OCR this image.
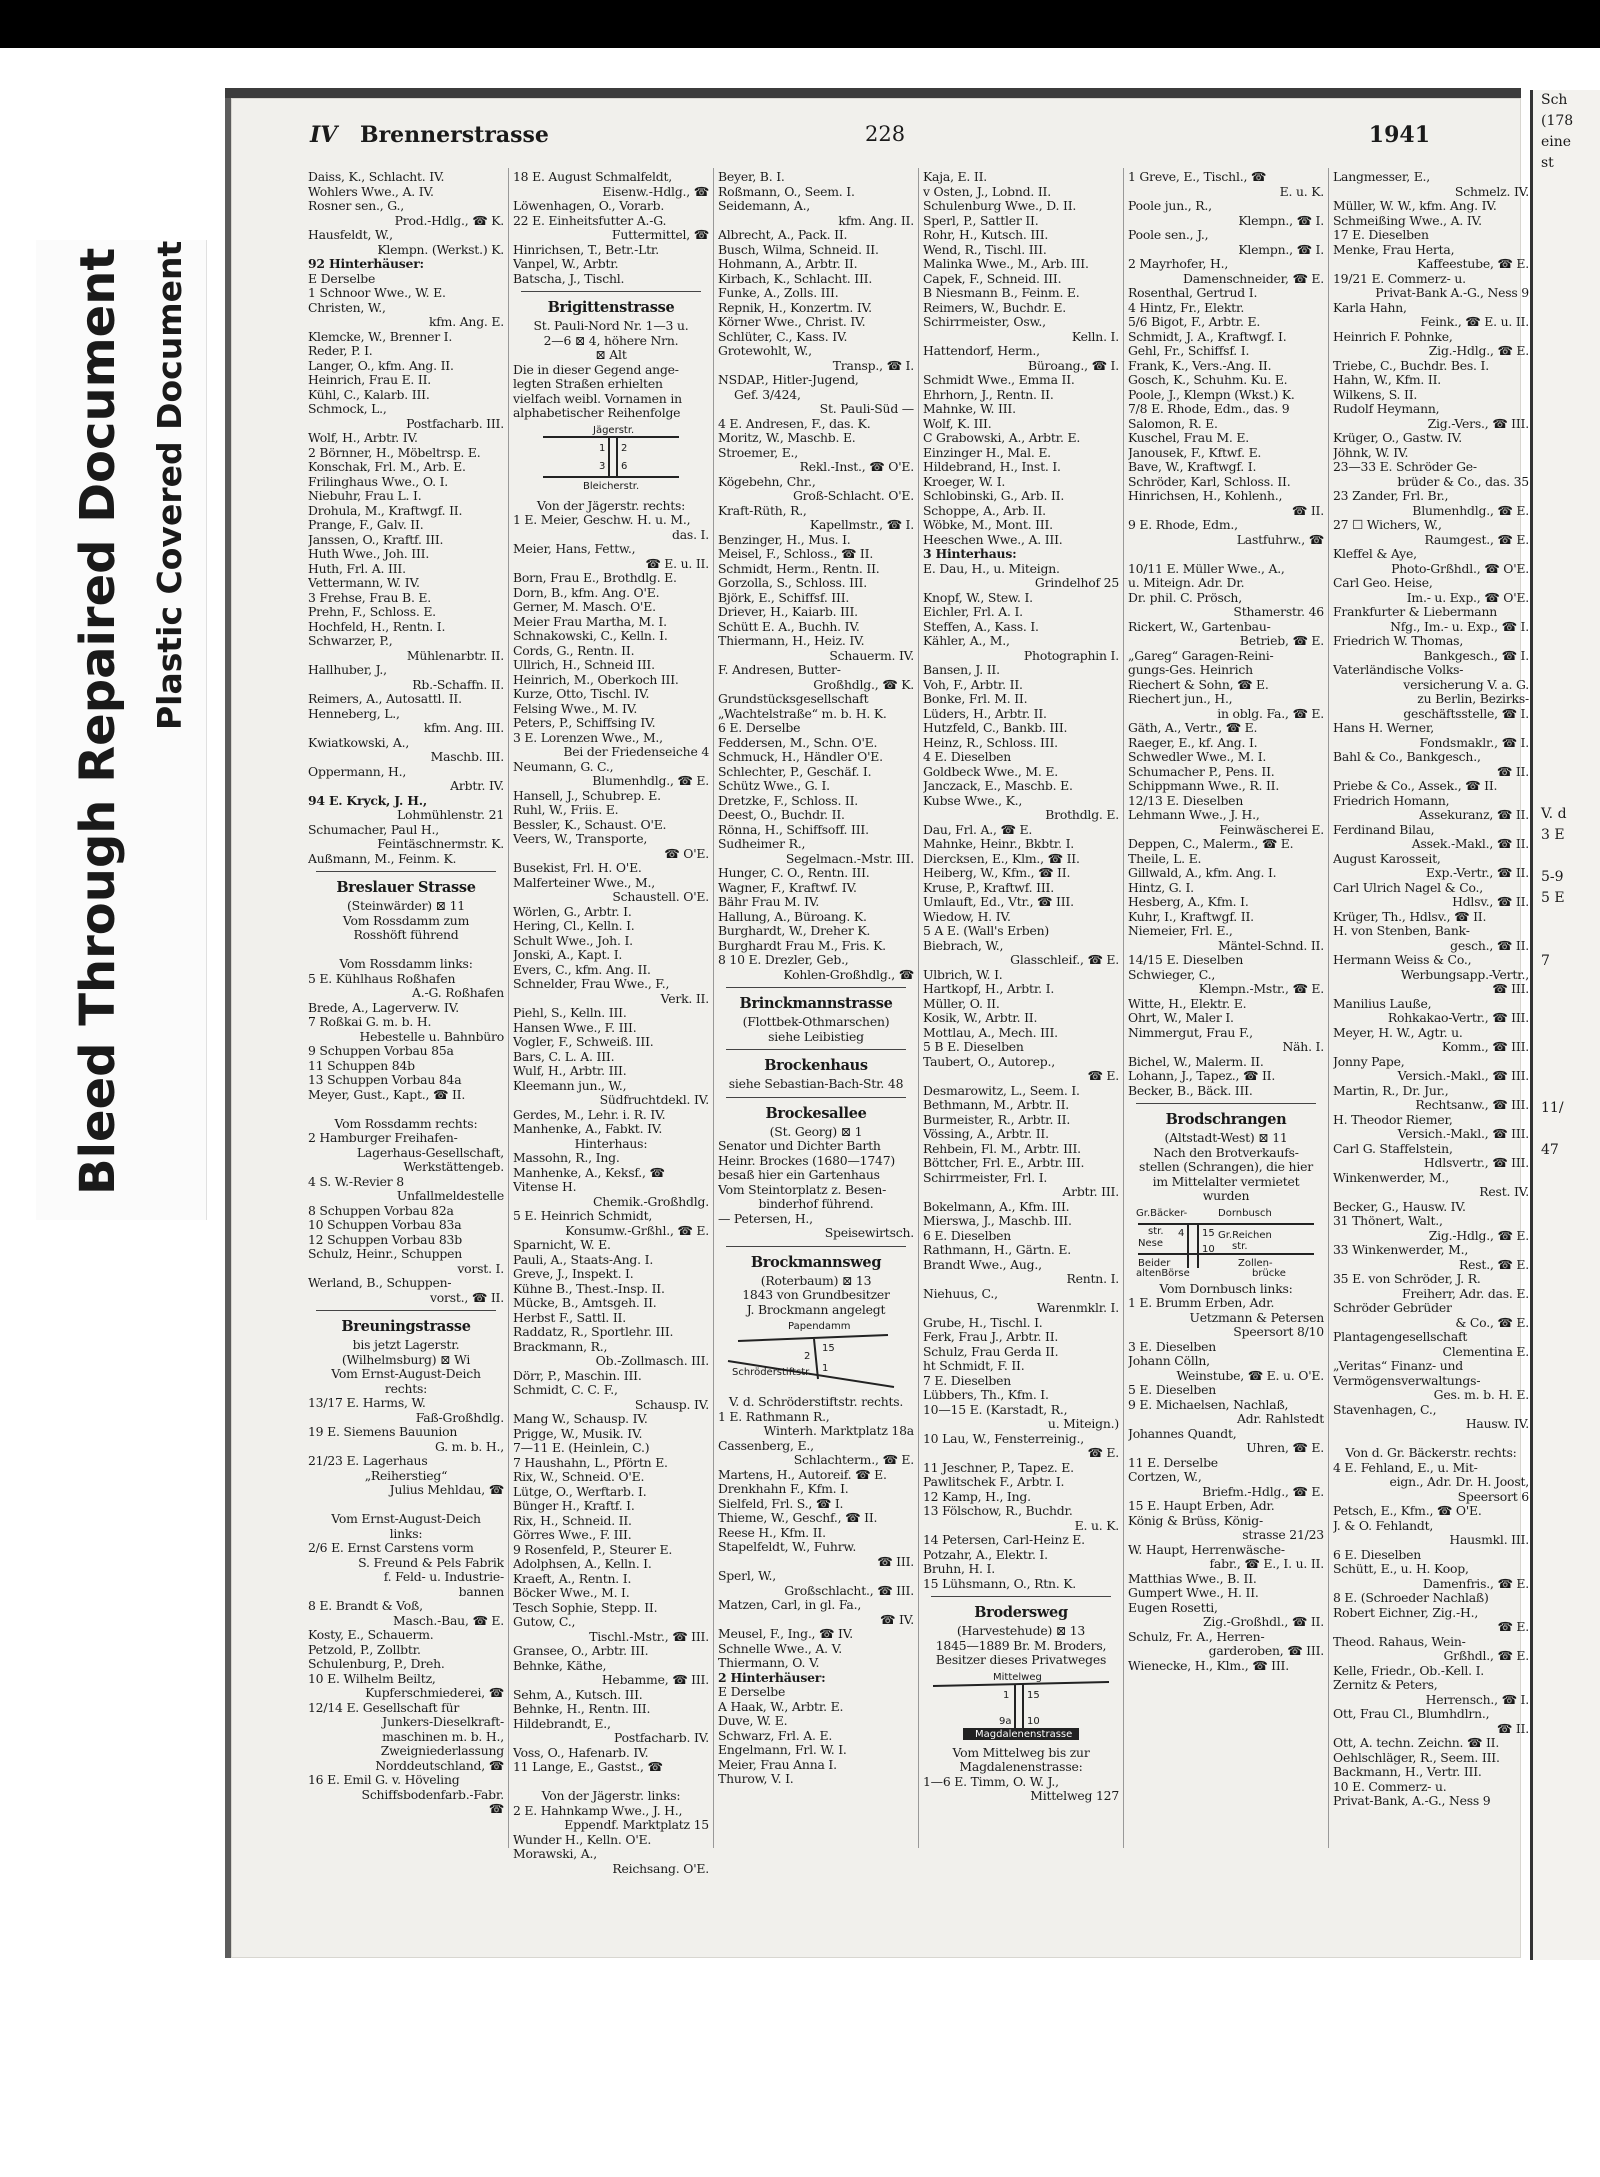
Bleed Through Repaired Document Plastic Covered Document
Sch
(178
eine
st
V. d
3 E
5-9
5 E
7
11/
47
IV Brennerstrasse	228	1941
Daiss, K., Schlacht. IV.
Wohlers Wwe., A. IV.
Rosner sen., G.,
Prod.-Hdlg., ☎ K.
Hausfeldt, W.,
Klempn. (Werkst.) K.
92 Hinterhäuser:
E Derselbe
1 Schnoor Wwe., W. E.
Christen, W.,
kfm. Ang. E.
Klemcke, W., Brenner I.
Reder, P. I.
Langer, O., kfm. Ang. II.
Heinrich, Frau E. II.
Kühl, C., Kalarb. III.
Schmock, L.,
Postfacharb. III.
Wolf, H., Arbtr. IV.
2 Börnner, H., Möbeltrsp. E.
Konschak, Frl. M., Arb. E.
Frilinghaus Wwe., O. I.
Niebuhr, Frau L. I.
Drohula, M., Kraftwgf. II.
Prange, F., Galv. II.
Janssen, O., Kraftf. III.
Huth Wwe., Joh. III.
Huth, Frl. A. III.
Vettermann, W. IV.
3 Frehse, Frau B. E.
Prehn, F., Schloss. E.
Hochfeld, H., Rentn. I.
Schwarzer, P.,
Mühlenarbtr. II.
Hallhuber, J.,
Rb.-Schaffn. II.
Reimers, A., Autosattl. II.
Henneberg, L.,
kfm. Ang. III.
Kwiatkowski, A.,
Maschb. III.
Oppermann, H.,
Arbtr. IV.
94 E. Kryck, J. H.,
Lohmühlenstr. 21
Schumacher, Paul H.,
Feintäschnermstr. K.
Außmann, M., Feinm. K.
Breslauer Strasse
(Steinwärder) ⊠ 11
Vom Rossdamm zum
Rosshöft führend
Vom Rossdamm links:
5 E. Kühlhaus Roßhafen
A.-G. Roßhafen
Brede, A., Lagerverw. IV.
7 Roßkai G. m. b. H.
Hebestelle u. Bahnbüro
9 Schuppen Vorbau 85a
11 Schuppen 84b
13 Schuppen Vorbau 84a
Meyer, Gust., Kapt., ☎ II.
Vom Rossdamm rechts:
2 Hamburger Freihafen-
Lagerhaus-Gesellschaft,
Werkstättengeb.
4 S. W.-Revier 8
Unfallmeldestelle
8 Schuppen Vorbau 82a
10 Schuppen Vorbau 83a
12 Schuppen Vorbau 83b
Schulz, Heinr., Schuppen
vorst. I.
Werland, B., Schuppen-
vorst., ☎ II.
Breuningstrasse
bis jetzt Lagerstr.
(Wilhelmsburg) ⊠ Wi
Vom Ernst-August-Deich
rechts:
13/17 E. Harms, W.
Faß-Großhdlg.
19 E. Siemens Bauunion
G. m. b. H.,
21/23 E. Lagerhaus
„Reiherstieg“
Julius Mehldau, ☎
Vom Ernst-August-Deich
links:
2/6 E. Ernst Carstens vorm
S. Freund & Pels Fabrik
f. Feld- u. Industrie-
bannen
8 E. Brandt & Voß,
Masch.-Bau, ☎ E.
Kosty, E., Schauerm.
Petzold, P., Zollbtr.
Schulenburg, P., Dreh.
10 E. Wilhelm Beiltz,
Kupferschmiederei, ☎
12/14 E. Gesellschaft für
Junkers-Dieselkraft-
maschinen m. b. H.,
Zweigniederlassung
Norddeutschland, ☎
16 E. Emil G. v. Höveling
Schiffsbodenfarb.-Fabr.
☎
18 E. August Schmalfeldt,
Eisenw.-Hdlg., ☎
Löwenhagen, O., Vorarb.
22 E. Einheitsfutter A.-G.
Futtermittel, ☎
Hinrichsen, T., Betr.-Ltr.
Vanpel, W., Arbtr.
Batscha, J., Tischl.
Brigittenstrasse
St. Pauli-Nord Nr. 1—3 u.
2—6 ⊠ 4, höhere Nrn.
⊠ Alt
Die in dieser Gegend ange-
legten Straßen erhielten
vielfach weibl. Vornamen in
alphabetischer Reihenfolge
Jägerstr.
Bleicherstr.
1 2
3 6
Von der Jägerstr. rechts:
1 E. Meier, Geschw. H. u. M.,
das. I.
Meier, Hans, Fettw.,
☎ E. u. II.
Born, Frau E., Brothdlg. E.
Dorn, B., kfm. Ang. O'E.
Gerner, M. Masch. O'E.
Meier Frau Martha, M. I.
Schnakowski, C., Kelln. I.
Cords, G., Rentn. II.
Ullrich, H., Schneid III.
Heinrich, M., Oberkoch III.
Kurze, Otto, Tischl. IV.
Felsing Wwe., M. IV.
Peters, P., Schiffsing IV.
3 E. Lorenzen Wwe., M.,
Bei der Friedenseiche 4
Neumann, G. C.,
Blumenhdlg., ☎ E.
Hansell, J., Schubrep. E.
Ruhl, W., Friis. E.
Bessler, K., Schaust. O'E.
Veers, W., Transporte,
☎ O'E.
Busekist, Frl. H. O'E.
Malferteiner Wwe., M.,
Schaustell. O'E.
Wörlen, G., Arbtr. I.
Hering, Cl., Kelln. I.
Schult Wwe., Joh. I.
Jonski, A., Kapt. I.
Evers, C., kfm. Ang. II.
Schnelder, Frau Wwe., F.,
Verk. II.
Piehl, S., Kelln. III.
Hansen Wwe., F. III.
Vogler, F., Schweiß. III.
Bars, C. L. A. III.
Wulf, H., Arbtr. III.
Kleemann jun., W.,
Südfruchtdekl. IV.
Gerdes, M., Lehr. i. R. IV.
Manhenke, A., Fabkt. IV.
Hinterhaus:
Massohn, R., Ing.
Manhenke, A., Keksf., ☎
Vitense H.
Chemik.-Großhdlg.
5 E. Heinrich Schmidt,
Konsumw.-Grßhl., ☎ E.
Sparnicht, W. E.
Pauli, A., Staats-Ang. I.
Greve, J., Inspekt. I.
Kühne B., Thest.-Insp. II.
Mücke, B., Amtsgeh. II.
Herbst F., Sattl. II.
Raddatz, R., Sportlehr. III.
Brackmann, R.,
Ob.-Zollmasch. III.
Dörr, P., Maschin. III.
Schmidt, C. C. F.,
Schausp. IV.
Mang W., Schausp. IV.
Prigge, W., Musik. IV.
7—11 E. (Heinlein, C.)
7 Haushahn, L., Pförtn E.
Rix, W., Schneid. O'E.
Lütge, O., Werftarb. I.
Bünger H., Kraftf. I.
Rix, H., Schneid. II.
Görres Wwe., F. III.
9 Rosenfeld, P., Steurer E.
Adolphsen, A., Kelln. I.
Kraeft, A., Rentn. I.
Böcker Wwe., M. I.
Tesch Sophie, Stepp. II.
Gutow, C.,
Tischl.-Mstr., ☎ III.
Gransee, O., Arbtr. III.
Behnke, Käthe,
Hebamme, ☎ III.
Sehm, A., Kutsch. III.
Behnke, H., Rentn. III.
Hildebrandt, E.,
Postfacharb. IV.
Voss, O., Hafenarb. IV.
11 Lange, E., Gastst., ☎
Von der Jägerstr. links:
2 E. Hahnkamp Wwe., J. H.,
Eppendf. Marktplatz 15
Wunder H., Kelln. O'E.
Morawski, A.,
Reichsang. O'E.
Beyer, B. I.
Roßmann, O., Seem. I.
Seidemann, A.,
kfm. Ang. II.
Albrecht, A., Pack. II.
Busch, Wilma, Schneid. II.
Hohmann, A., Arbtr. II.
Kirbach, K., Schlacht. III.
Funke, A., Zolls. III.
Repnik, H., Konzertm. IV.
Körner Wwe., Christ. IV.
Schlüter, C., Kass. IV.
Grotewohlt, W.,
Transp., ☎ I.
NSDAP., Hitler-Jugend,
Gef. 3/424,
St. Pauli-Süd —
4 E. Andresen, F., das. K.
Moritz, W., Maschb. E.
Stroemer, E.,
Rekl.-Inst., ☎ O'E.
Kögebehn, Chr.,
Groß-Schlacht. O'E.
Kraft-Rüth, R.,
Kapellmstr., ☎ I.
Benzinger, H., Mus. I.
Meisel, F., Schloss., ☎ II.
Schmidt, Herm., Rentn. II.
Gorzolla, S., Schloss. III.
Björk, E., Schiffsf. III.
Driever, H., Kaiarb. III.
Schütt E. A., Buchh. IV.
Thiermann, H., Heiz. IV.
Schauerm. IV.
F. Andresen, Butter-
Großhdlg., ☎ K.
Grundstücksgesellschaft
„Wachtelstraße“ m. b. H. K.
6 E. Derselbe
Feddersen, M., Schn. O'E.
Schmuck, H., Händler O'E.
Schlechter, P., Geschäf. I.
Schütz Wwe., G. I.
Dretzke, F., Schloss. II.
Deest, O., Buchdr. II.
Rönna, H., Schiffsoff. III.
Sudheimer R.,
Segelmacn.-Mstr. III.
Hunger, C. O., Rentn. III.
Wagner, F., Kraftwf. IV.
Bähr Frau M. IV.
Hallung, A., Büroang. K.
Burghardt, W., Dreher K.
Burghardt Frau M., Fris. K.
8 10 E. Drezler, Geb.,
Kohlen-Großhdlg., ☎
Brinckmannstrasse
(Flottbek-Othmarschen)
siehe Leibistieg
Brockenhaus
siehe Sebastian-Bach-Str. 48
Brockesallee
(St. Georg) ⊠ 1
Senator und Dichter Barth
Heinr. Brockes (1680—1747)
besaß hier ein Gartenhaus
Vom Steintorplatz z. Besen-
binderhof führend.
— Petersen, H.,
Speisewirtsch.
Brockmannsweg
(Roterbaum) ⊠ 13
1843 von Grundbesitzer
J. Brockmann angelegt
Papendamm
Schröderstiftstr.
15
2
1
V. d. Schröderstiftstr. rechts.
1 E. Rathmann R.,
Winterh. Marktplatz 18a
Cassenberg, E.,
Schlachterm., ☎ E.
Martens, H., Autoreif. ☎ E.
Drenkhahn F., Kfm. I.
Sielfeld, Frl. S., ☎ I.
Thieme, W., Geschf., ☎ II.
Reese H., Kfm. II.
Stapelfeldt, W., Fuhrw.
☎ III.
Sperl, W.,
Großschlacht., ☎ III.
Matzen, Carl, in gl. Fa.,
☎ IV.
Meusel, F., Ing., ☎ IV.
Schnelle Wwe., A. V.
Thiermann, O. V.
2 Hinterhäuser:
E Derselbe
A Haak, W., Arbtr. E.
Duve, W. E.
Schwarz, Frl. A. E.
Engelmann, Frl. W. I.
Meier, Frau Anna I.
Thurow, V. I.
Kaja, E. II.
v Osten, J., Lobnd. II.
Schulenburg Wwe., D. II.
Sperl, P., Sattler II.
Rohr, H., Kutsch. III.
Wend, R., Tischl. III.
Malinka Wwe., M., Arb. III.
Capek, F., Schneid. III.
B Niesmann B., Feinm. E.
Reimers, W., Buchdr. E.
Schirrmeister, Osw.,
Kelln. I.
Hattendorf, Herm.,
Büroang., ☎ I.
Schmidt Wwe., Emma II.
Ehrhorn, J., Rentn. II.
Mahnke, W. III.
Wolf, K. III.
C Grabowski, A., Arbtr. E.
Einzinger H., Mal. E.
Hildebrand, H., Inst. I.
Kroeger, W. I.
Schlobinski, G., Arb. II.
Schoppe, A., Arb. II.
Wöbke, M., Mont. III.
Heeschen Wwe., A. III.
3 Hinterhaus:
E. Dau, H., u. Miteign.
Grindelhof 25
Knopf, W., Stew. I.
Eichler, Frl. A. I.
Steffen, A., Kass. I.
Kähler, A., M.,
Photographin I.
Bansen, J. II.
Voh, F., Arbtr. II.
Bonke, Frl. M. II.
Lüders, H., Arbtr. II.
Hutzfeld, C., Bankb. III.
Heinz, R., Schloss. III.
4 E. Dieselben
Goldbeck Wwe., M. E.
Janczack, E., Maschb. E.
Kubse Wwe., K.,
Brothdlg. E.
Dau, Frl. A., ☎ E.
Mahnke, Heinr., Bkbtr. I.
Diercksen, E., Klm., ☎ II.
Heiberg, W., Kfm., ☎ II.
Kruse, P., Kraftwf. III.
Umlauft, Ed., Vtr., ☎ III.
Wiedow, H. IV.
5 A E. (Wall's Erben)
Biebrach, W.,
Glasschleif., ☎ E.
Ulbrich, W. I.
Hartkopf, H., Arbtr. I.
Müller, O. II.
Kosik, W., Arbtr. II.
Mottlau, A., Mech. III.
5 B E. Dieselben
Taubert, O., Autorep.,
☎ E.
Desmarowitz, L., Seem. I.
Bethmann, M., Arbtr. II.
Burmeister, R., Arbtr. II.
Vössing, A., Arbtr. II.
Rehbein, Fl. M., Arbtr. III.
Böttcher, Frl. E., Arbtr. III.
Schirrmeister, Frl. I.
Arbtr. III.
Bokelmann, A., Kfm. III.
Mierswa, J., Maschb. III.
6 E. Dieselben
Rathmann, H., Gärtn. E.
Brandt Wwe., Aug.,
Rentn. I.
Niehuus, C.,
Warenmklr. I.
Grube, H., Tischl. I.
Ferk, Frau J., Arbtr. II.
Schulz, Frau Gerda II.
ht Schmidt, F. II.
7 E. Dieselben
Lübbers, Th., Kfm. I.
10—15 E. (Karstadt, R.,
u. Miteign.)
10 Lau, W., Fensterreinig.,
☎ E.
11 Jeschner, P., Tapez. E.
Pawlitschek F., Arbtr. I.
12 Kamp, H., Ing.
13 Fölschow, R., Buchdr.
E. u. K.
14 Petersen, Carl-Heinz E.
Potzahr, A., Elektr. I.
Bruhn, H. I.
15 Lühsmann, O., Rtn. K.
Brodersweg
(Harvestehude) ⊠ 13
1845—1889 Br. M. Broders,
Besitzer dieses Privatweges
Mittelweg
1 15
9a 10
Magdalenenstrasse
Vom Mittelweg bis zur
Magdalenenstrasse:
1—6 E. Timm, O. W. J.,
Mittelweg 127
1 Greve, E., Tischl., ☎
E. u. K.
Poole jun., R.,
Klempn., ☎ I.
Poole sen., J.,
Klempn., ☎ I.
2 Mayrhofer, H.,
Damenschneider, ☎ E.
Rosenthal, Gertrud I.
4 Hintz, Fr., Elektr.
5/6 Bigot, F., Arbtr. E.
Schmidt, J. A., Kraftwgf. I.
Gehl, Fr., Schiffsf. I.
Frank, K., Vers.-Ang. II.
Gosch, K., Schuhm. Ku. E.
Poole, J., Klempn (Wkst.) K.
7/8 E. Rhode, Edm., das. 9
Salomon, R. E.
Kuschel, Frau M. E.
Janousek, F., Kftwf. E.
Bave, W., Kraftwgf. I.
Schröder, Karl, Schloss. II.
Hinrichsen, H., Kohlenh.,
☎ II.
9 E. Rhode, Edm.,
Lastfuhrw., ☎
10/11 E. Müller Wwe., A.,
u. Miteign. Adr. Dr.
Dr. phil. C. Prösch,
Sthamerstr. 46
Rickert, W., Gartenbau-
Betrieb, ☎ E.
„Gareg“ Garagen-Reini-
gungs-Ges. Heinrich
Riechert & Sohn, ☎ E.
Riechert jun., H.,
in oblg. Fa., ☎ E.
Gäth, A., Vertr., ☎ E.
Raeger, E., kf. Ang. I.
Schwedler Wwe., M. I.
Schumacher P., Pens. II.
Schippmann Wwe., R. II.
12/13 E. Dieselben
Lehmann Wwe., J. H.,
Feinwäscherei E.
Deppen, C., Malerm., ☎ E.
Theile, L. E.
Gillwald, A., kfm. Ang. I.
Hintz, G. I.
Hesberg, A., Kfm. I.
Kuhr, I., Kraftwgf. II.
Niemeier, Frl. E.,
Mäntel-Schnd. II.
14/15 E. Dieselben
Schwieger, C.,
Klempn.-Mstr., ☎ E.
Witte, H., Elektr. E.
Ohrt, W., Maler I.
Nimmergut, Frau F.,
Näh. I.
Bichel, W., Malerm. II.
Lohann, J., Tapez., ☎ II.
Becker, B., Bäck. III.
Brodschrangen
(Altstadt-West) ⊠ 11
Nach den Brotverkaufs-
stellen (Schrangen), die hier
im Mittelalter vermietet
wurden
Gr.Bäcker-
str.
Dornbusch
Gr.Reichen
str.
Nese
Beider
altenBörse
Zollen-
brücke
4 15
10
Vom Dornbusch links:
1 E. Brumm Erben, Adr.
Uetzmann & Petersen
Speersort 8/10
3 E. Dieselben
Johann Cölln,
Weinstube, ☎ E. u. O'E.
5 E. Dieselben
9 E. Michaelsen, Nachlaß,
Adr. Rahlstedt
Johannes Quandt,
Uhren, ☎ E.
11 E. Derselbe
Cortzen, W.,
Briefm.-Hdlg., ☎ E.
15 E. Haupt Erben, Adr.
König & Brüss, König-
strasse 21/23
W. Haupt, Herrenwäsche-
fabr., ☎ E., I. u. II.
Matthias Wwe., B. II.
Gumpert Wwe., H. II.
Eugen Rosetti,
Zig.-Großhdl., ☎ II.
Schulz, Fr. A., Herren-
garderoben, ☎ III.
Wienecke, H., Klm., ☎ III.
Langmesser, E.,
Schmelz. IV.
Müller, W. W., kfm. Ang. IV.
Schmeißing Wwe., A. IV.
17 E. Dieselben
Menke, Frau Herta,
Kaffeestube, ☎ E.
19/21 E. Commerz- u.
Privat-Bank A.-G., Ness 9
Karla Hahn,
Feink., ☎ E. u. II.
Heinrich F. Pohnke,
Zig.-Hdlg., ☎ E.
Triebe, C., Buchdr. Bes. I.
Hahn, W., Kfm. II.
Wilkens, S. II.
Rudolf Heymann,
Zig.-Vers., ☎ III.
Krüger, O., Gastw. IV.
Jöhnk, W. IV.
23—33 E. Schröder Ge-
brüder & Co., das. 35
23 Zander, Frl. Br.,
Blumenhdlg., ☎ E.
27 ☐ Wichers, W.,
Raumgest., ☎ E.
Kleffel & Aye,
Photo-Grßhdl., ☎ O'E.
Carl Geo. Heise,
Im.- u. Exp., ☎ O'E.
Frankfurter & Liebermann
Nfg., Im.- u. Exp., ☎ I.
Friedrich W. Thomas,
Bankgesch., ☎ I.
Vaterländische Volks-
versicherung V. a. G.
zu Berlin, Bezirks-
geschäftsstelle, ☎ I.
Hans H. Werner,
Fondsmaklr., ☎ I.
Bahl & Co., Bankgesch.,
☎ II.
Priebe & Co., Assek., ☎ II.
Friedrich Homann,
Assekuranz, ☎ II.
Ferdinand Bilau,
Assek.-Makl., ☎ II.
August Karosseit,
Exp.-Vertr., ☎ II.
Carl Ulrich Nagel & Co.,
Hdlsv., ☎ II.
Krüger, Th., Hdlsv., ☎ II.
H. von Stenben, Bank-
gesch., ☎ II.
Hermann Weiss & Co.,
Werbungsapp.-Vertr.,
☎ III.
Manilius Lauße,
Rohkakao-Vertr., ☎ III.
Meyer, H. W., Agtr. u.
Komm., ☎ III.
Jonny Pape,
Versich.-Makl., ☎ III.
Martin, R., Dr. Jur.,
Rechtsanw., ☎ III.
H. Theodor Riemer,
Versich.-Makl., ☎ III.
Carl G. Staffelstein,
Hdlsvertr., ☎ III.
Winkenwerder, M.,
Rest. IV.
Becker, G., Hausw. IV.
31 Thönert, Walt.,
Zig.-Hdlg., ☎ E.
33 Winkenwerder, M.,
Rest., ☎ E.
35 E. von Schröder, J. R.
Freiherr, Adr. das. E.
Schröder Gebrüder
& Co., ☎ E.
Plantagengesellschaft
Clementina E.
„Veritas“ Finanz- und
Vermögensverwaltungs-
Ges. m. b. H. E.
Stavenhagen, C.,
Hausw. IV.
Von d. Gr. Bäckerstr. rechts:
4 E. Fehland, E., u. Mit-
eign., Adr. Dr. H. Joost,
Speersort 6
Petsch, E., Kfm., ☎ O'E.
J. & O. Fehlandt,
Hausmkl. III.
6 E. Dieselben
Schütt, E., u. H. Koop,
Damenfris., ☎ E.
8 E. (Schroeder Nachlaß)
Robert Eichner, Zig.-H.,
☎ E.
Theod. Rahaus, Wein-
Grßhdl., ☎ E.
Kelle, Friedr., Ob.-Kell. I.
Zernitz & Peters,
Herrensch., ☎ I.
Ott, Frau Cl., Blumhdlrn.,
☎ II.
Ott, A. techn. Zeichn. ☎ II.
Oehlschläger, R., Seem. III.
Backmann, H., Vertr. III.
10 E. Commerz- u.
Privat-Bank, A.-G., Ness 9
